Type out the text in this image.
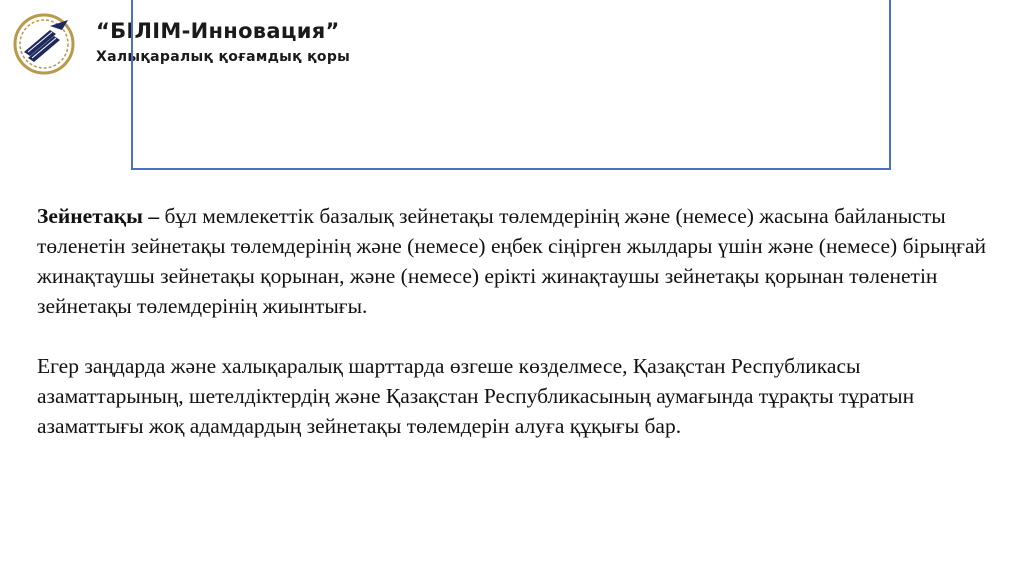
“БІЛІМ-Инновация”
Халықаралық қоғамдық қоры

Зейнетақы – бұл мемлекеттік базалық зейнетақы төлемдерінің және (немесе) жасына байланысты төленетін зейнетақы төлемдерінің және (немесе) еңбек сіңірген жылдары үшін және (немесе) бірыңғай жинақтаушы зейнетақы қорынан, және (немесе) ерікті жинақтаушы зейнетақы қорынан төленетін зейнетақы төлемдерінің жиынтығы.

Егер заңдарда және халықаралық шарттарда өзгеше көзделмесе, Қазақстан Республикасы азаматтарының, шетелдіктердің және Қазақстан Республикасының аумағында тұрақты тұратын азаматтығы жоқ адамдардың зейнетақы төлемдерін алуға құқығы бар.
